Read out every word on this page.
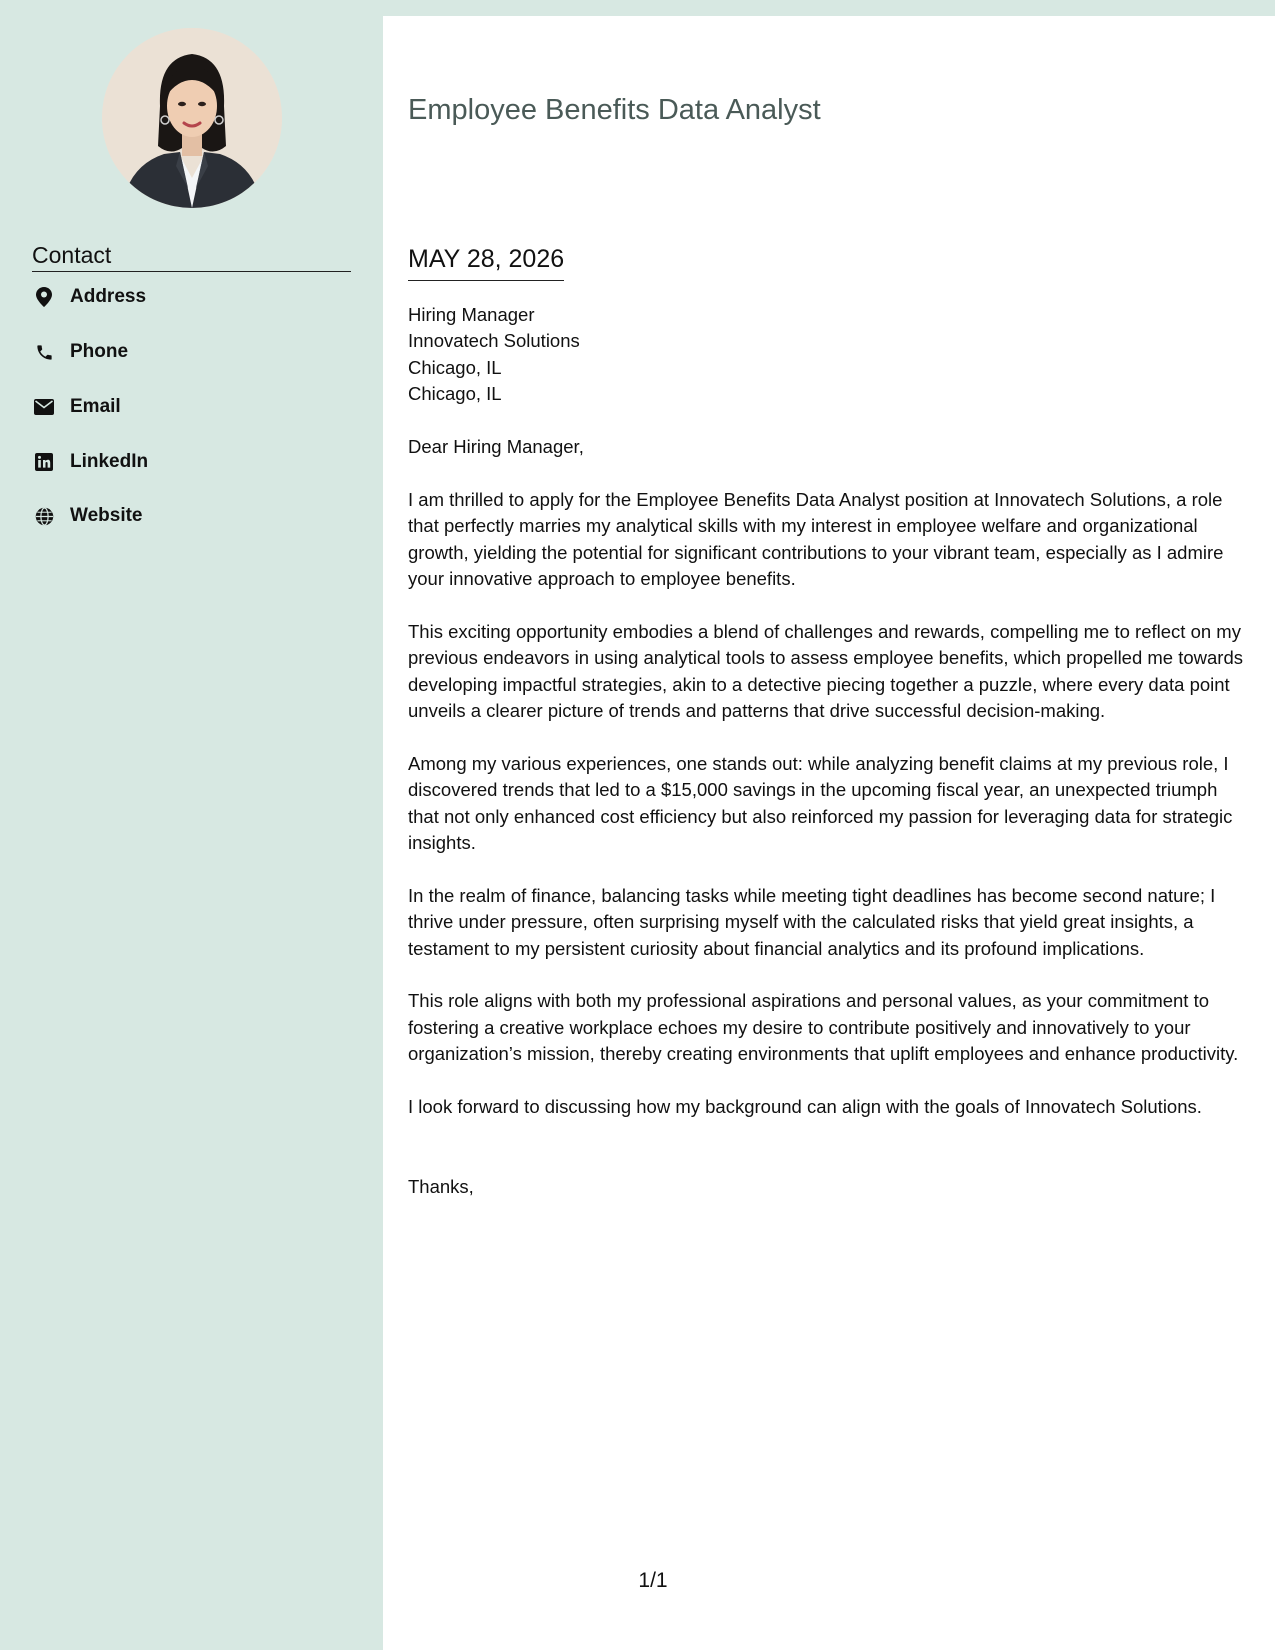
Contact
Address
Phone
Email
LinkedIn
Website
Employee Benefits Data Analyst
MAY 28, 2026
Hiring Manager
Innovatech Solutions
Chicago, IL
Chicago, IL
Dear Hiring Manager,

I am thrilled to apply for the Employee Benefits Data Analyst position at Innovatech Solutions, a role that perfectly marries my analytical skills with my interest in employee welfare and organizational growth, yielding the potential for significant contributions to your vibrant team, especially as I admire your innovative approach to employee benefits.

This exciting opportunity embodies a blend of challenges and rewards, compelling me to reflect on my previous endeavors in using analytical tools to assess employee benefits, which propelled me towards developing impactful strategies, akin to a detective piecing together a puzzle, where every data point unveils a clearer picture of trends and patterns that drive successful decision-making.

Among my various experiences, one stands out: while analyzing benefit claims at my previous role, I discovered trends that led to a $15,000 savings in the upcoming fiscal year, an unexpected triumph that not only enhanced cost efficiency but also reinforced my passion for leveraging data for strategic insights.

In the realm of finance, balancing tasks while meeting tight deadlines has become second nature; I thrive under pressure, often surprising myself with the calculated risks that yield great insights, a testament to my persistent curiosity about financial analytics and its profound implications.

This role aligns with both my professional aspirations and personal values, as your commitment to fostering a creative workplace echoes my desire to contribute positively and innovatively to your organization’s mission, thereby creating environments that uplift employees and enhance productivity.

I look forward to discussing how my background can align with the goals of Innovatech Solutions.

Thanks,
1/1
